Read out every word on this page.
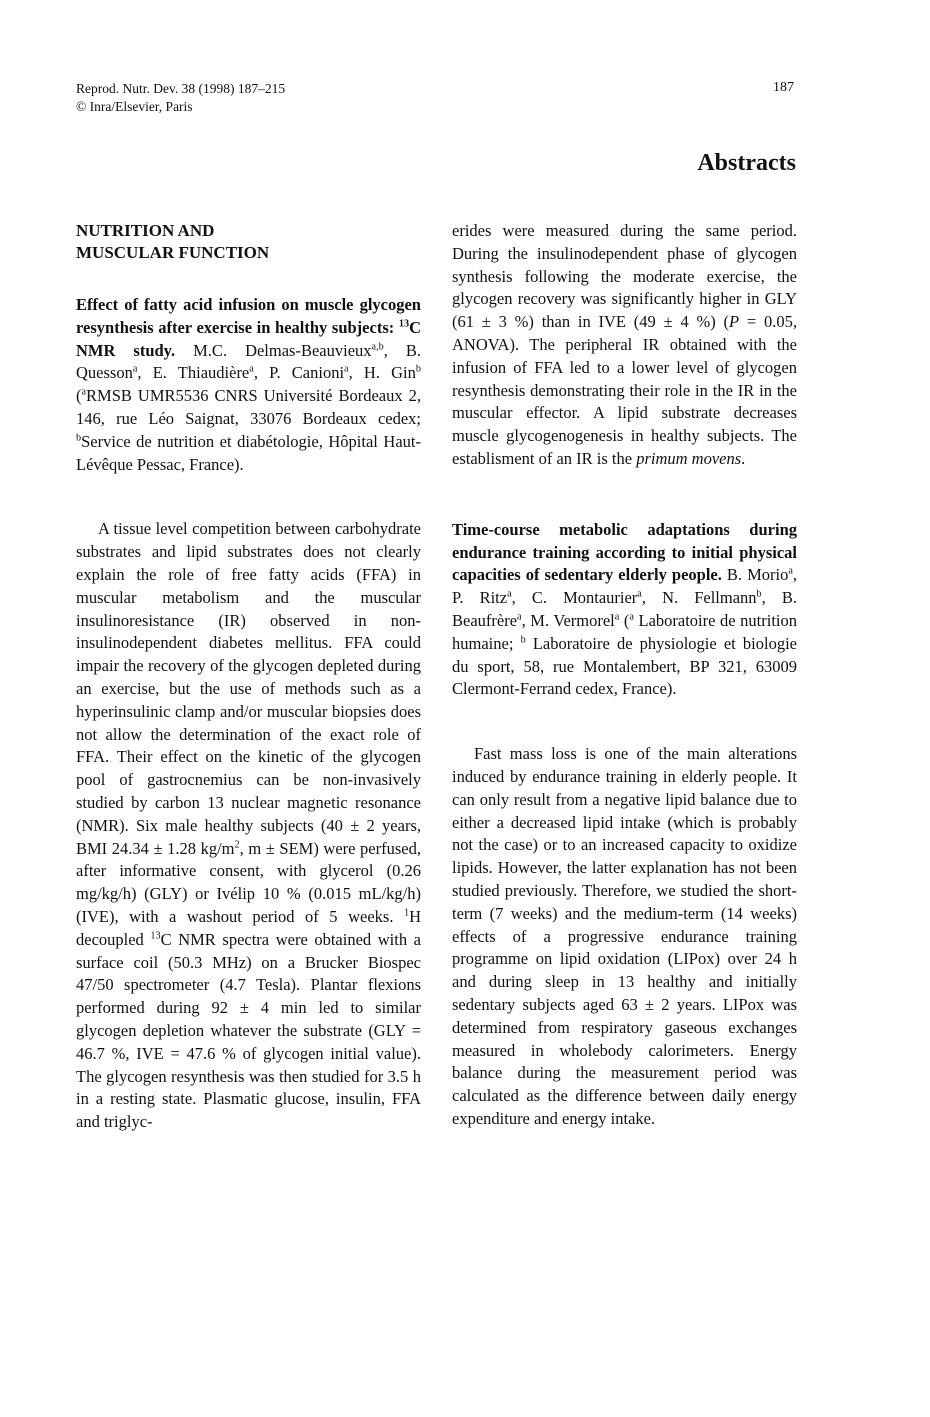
Reprod. Nutr. Dev. 38 (1998) 187–215
© Inra/Elsevier, Paris
187
Abstracts
NUTRITION AND
MUSCULAR FUNCTION

Effect of fatty acid infusion on muscle glycogen resynthesis after exercise in healthy subjects: $^{13}$C NMR study. M.C. Delmas-Beauvieux$^{a,b}$, B. Quesson$^a$, E. Thiaudière$^a$, P. Canioni$^a$, H. Gin$^b$ ($^a$RMSB UMR5536 CNRS Université Bordeaux 2, 146, rue Léo Saignat, 33076 Bordeaux cedex; $^b$Service de nutrition et diabétologie, Hôpital Haut-Lévêque Pessac, France).

A tissue level competition between carbohydrate substrates and lipid substrates does not clearly explain the role of free fatty acids (FFA) in muscular metabolism and the muscular insulinoresistance (IR) observed in non-insulinodependent diabetes mellitus. FFA could impair the recovery of the glycogen depleted during an exercise, but the use of methods such as a hyperinsulinic clamp and/or muscular biopsies does not allow the determination of the exact role of FFA. Their effect on the kinetic of the glycogen pool of gastrocnemius can be non-invasively studied by carbon 13 nuclear magnetic resonance (NMR). Six male healthy subjects (40 ± 2 years, BMI 24.34 ± 1.28 $kg/m^2$, m ± SEM) were perfused, after informative consent, with glycerol (0.26 mg/kg/h) (GLY) or Ivélip 10 % (0.015 mL/kg/h) (IVE), with a washout period of 5 weeks. $^1$H decoupled $^{13}$C NMR spectra were obtained with a surface coil (50.3 MHz) on a Brucker Biospec 47/50 spectrometer (4.7 Tesla). Plantar flexions performed during 92 ± 4 min led to similar glycogen depletion whatever the substrate (GLY = 46.7 %, IVE = 47.6 % of glycogen initial value). The glycogen resynthesis was then studied for 3.5 h in a resting state. Plasmatic glucose, insulin, FFA and triglyc-

erides were measured during the same period. During the insulinodependent phase of glycogen synthesis following the moderate exercise, the glycogen recovery was significantly higher in GLY (61 ± 3 %) than in IVE (49 ± 4 %) (P = 0.05, ANOVA). The peripheral IR obtained with the infusion of FFA led to a lower level of glycogen resynthesis demonstrating their role in the IR in the muscular effector. A lipid substrate decreases muscle glycogenogenesis in healthy subjects. The establisment of an IR is the primum movens.

Time-course metabolic adaptations during endurance training according to initial physical capacities of sedentary elderly people. B. Morio$^a$, P. Ritz$^a$, C. Montaurier$^a$, N. Fellmann$^b$, B. Beaufrère$^a$, M. Vermorel$^a$ ($^a$ Laboratoire de nutrition humaine; $^b$ Laboratoire de physiologie et biologie du sport, 58, rue Montalembert, BP 321, 63009 Clermont-Ferrand cedex, France).

Fast mass loss is one of the main alterations induced by endurance training in elderly people. It can only result from a negative lipid balance due to either a decreased lipid intake (which is probably not the case) or to an increased capacity to oxidize lipids. However, the latter explanation has not been studied previously. Therefore, we studied the short-term (7 weeks) and the medium-term (14 weeks) effects of a progressive endurance training programme on lipid oxidation (LIPox) over 24 h and during sleep in 13 healthy and initially sedentary subjects aged 63 ± 2 years. LIPox was determined from respiratory gaseous exchanges measured in wholebody calorimeters. Energy balance during the measurement period was calculated as the difference between daily energy expenditure and energy intake.
